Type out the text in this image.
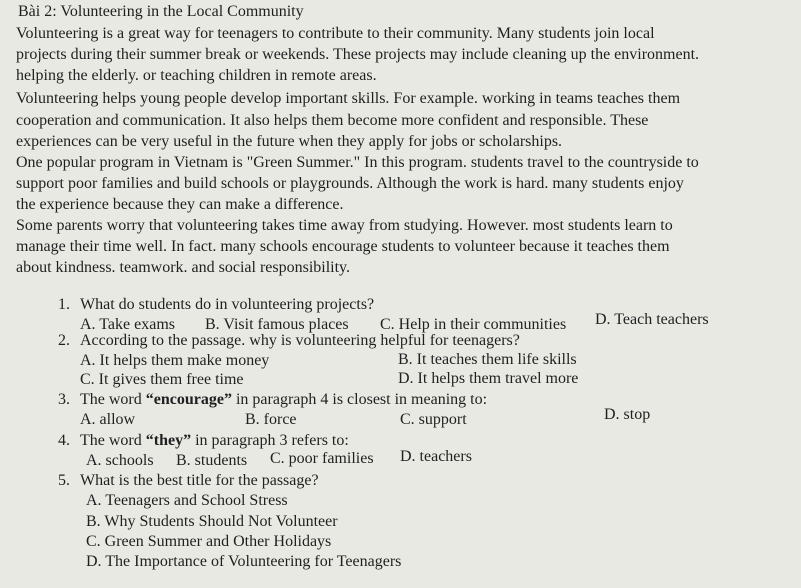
Bài 2: Volunteering in the Local Community
Volunteering is a great way for teenagers to contribute to their community. Many students join local
projects during their summer break or weekends. These projects may include cleaning up the environment.
helping the elderly. or teaching children in remote areas.
Volunteering helps young people develop important skills. For example. working in teams teaches them
cooperation and communication. It also helps them become more confident and responsible. These
experiences can be very useful in the future when they apply for jobs or scholarships.
One popular program in Vietnam is "Green Summer." In this program. students travel to the countryside to
support poor families and build schools or playgrounds. Although the work is hard. many students enjoy
the experience because they can make a difference.
Some parents worry that volunteering takes time away from studying. However. most students learn to
manage their time well. In fact. many schools encourage students to volunteer because it teaches them
about kindness. teamwork. and social responsibility.
1. What do students do in volunteering projects?
A. Take exams B. Visit famous places C. Help in their communities D. Teach teachers
2. According to the passage. why is volunteering helpful for teenagers?
A. It helps them make money	B. It teaches them life skills
C. It gives them free time	D. It helps them travel more
3. The word “encourage” in paragraph 4 is closest in meaning to:
A. allow	B. force	C. support	D. stop
4. The word “they” in paragraph 3 refers to:
A. schools B. students C. poor families D. teachers
5. What is the best title for the passage?
A. Teenagers and School Stress
B. Why Students Should Not Volunteer
C. Green Summer and Other Holidays
D. The Importance of Volunteering for Teenagers
